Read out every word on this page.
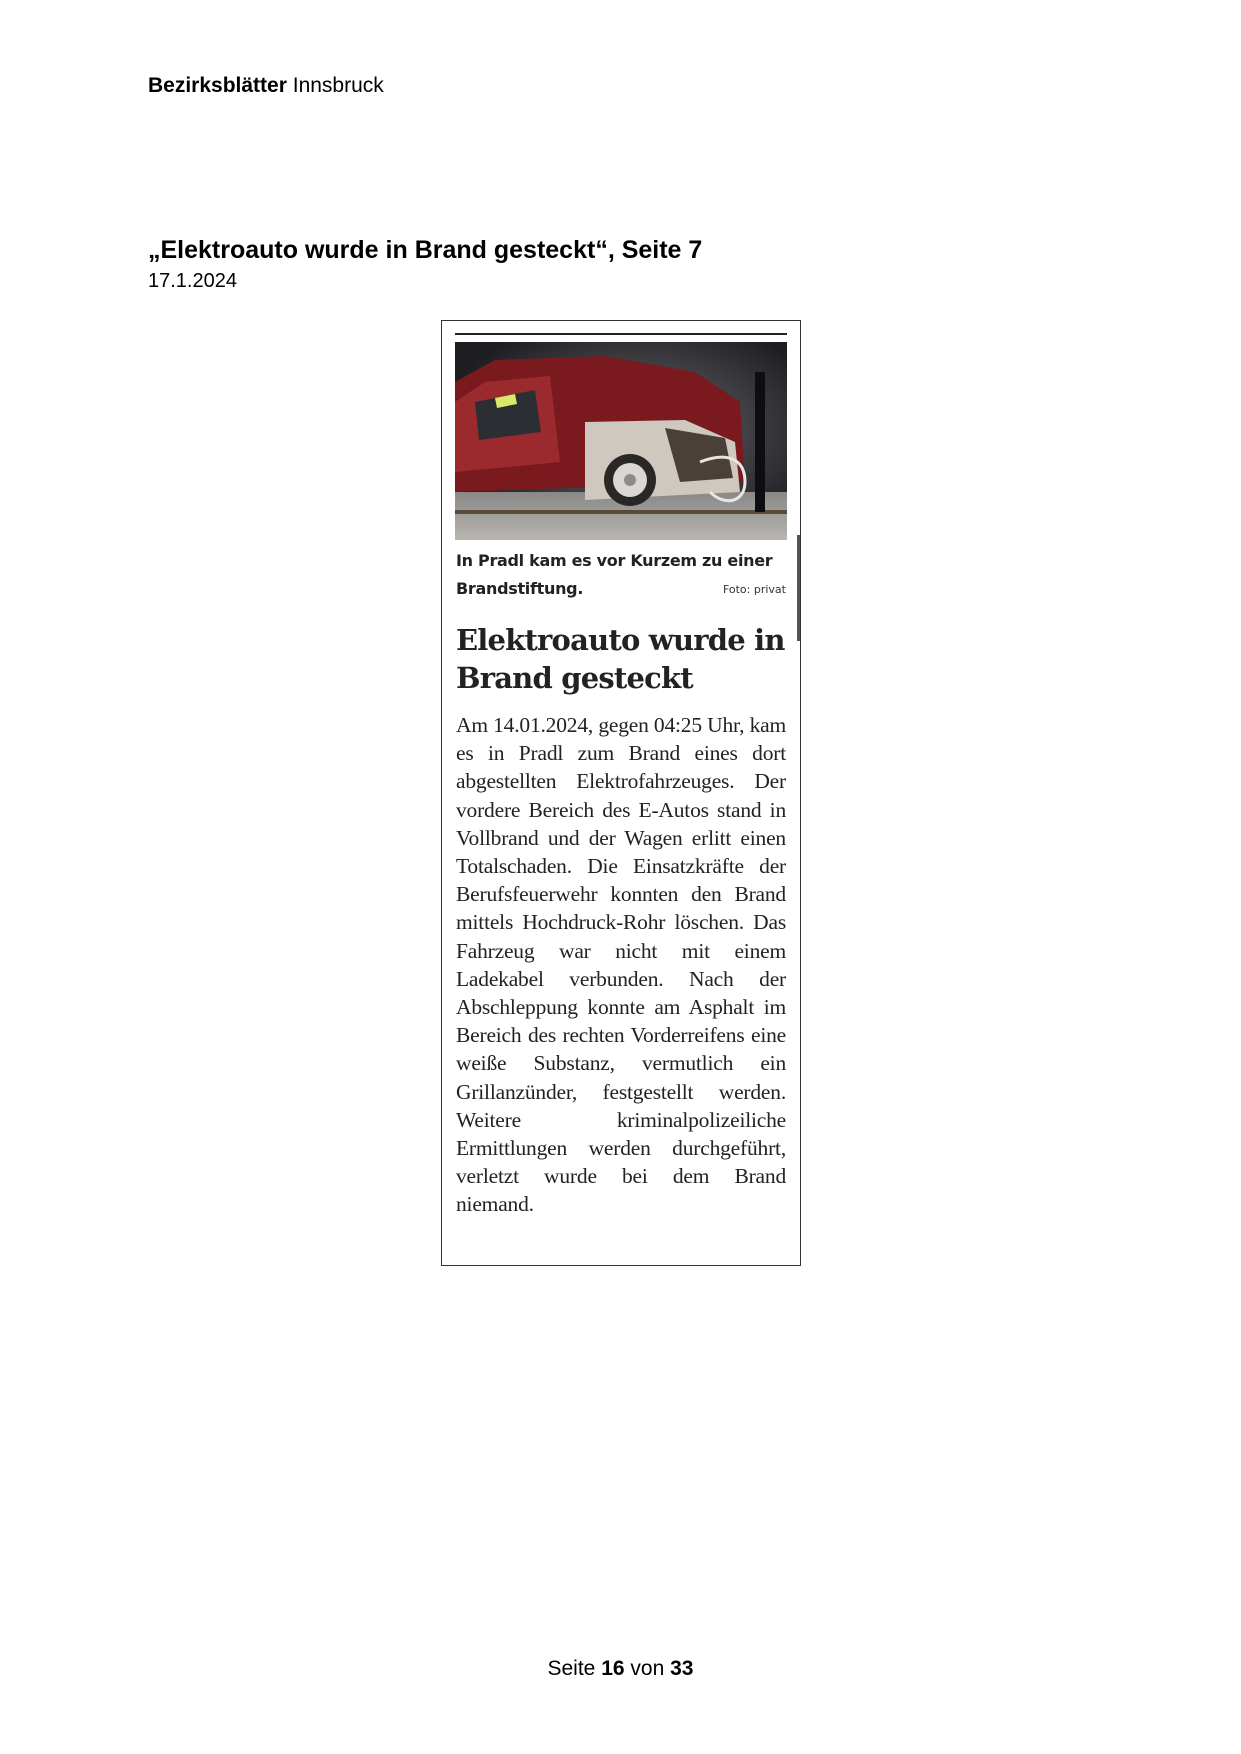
Bezirksblätter Innsbruck
„Elektroauto wurde in Brand gesteckt“, Seite 7
17.1.2024
In Pradl kam es vor Kurzem zu einer Brandstiftung.	Foto: privat
Elektroauto wurde in Brand gesteckt
Am 14.01.2024, gegen 04:25 Uhr, kam es in Pradl zum Brand eines dort abgestellten Elektrofahrzeuges. Der vordere Bereich des E-Autos stand in Vollbrand und der Wagen erlitt einen Totalschaden. Die Einsatzkräfte der Berufsfeuerwehr konnten den Brand mittels Hochdruck-Rohr löschen. Das Fahrzeug war nicht mit einem Ladekabel verbunden. Nach der Abschleppung konnte am Asphalt im Bereich des rechten Vorderreifens eine weiße Substanz, vermutlich ein Grillanzünder, festgestellt werden. Weitere kriminalpolizeiliche Ermittlungen werden durchgeführt, verletzt wurde bei dem Brand niemand.
Seite 16 von 33
